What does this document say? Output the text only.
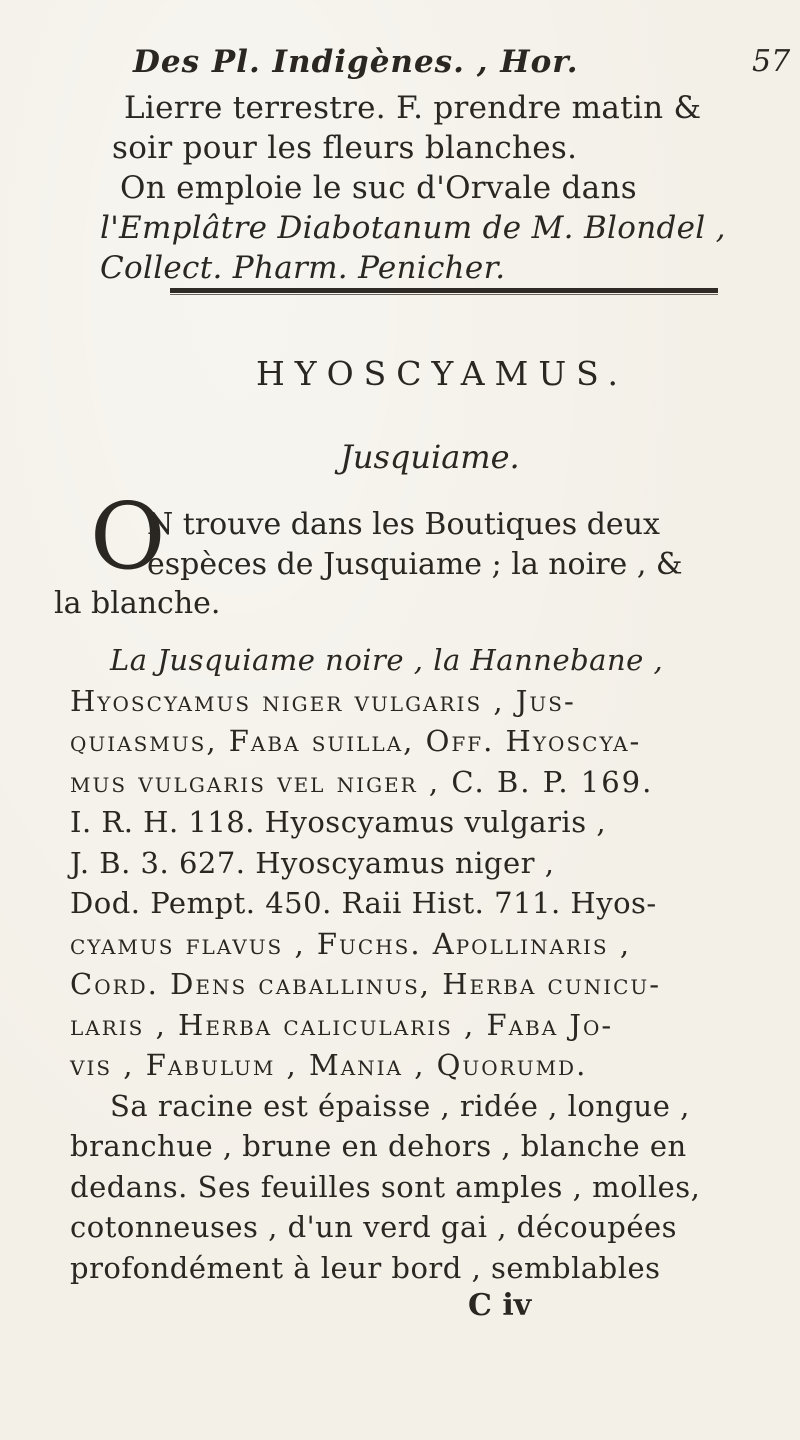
Des Pl. Indigènes. , Hor.	57
Lierre terrestre. F. prendre matin &
soir pour les fleurs blanches.
On emploie le suc d'Orvale dans
l'Emplâtre Diabotanum de M. Blondel ,
Collect. Pharm. Penicher.
HYOSCYAMUS.
Jusquiame.
O
N trouve dans les Boutiques deux
espèces de Jusquiame ; la noire , &
la blanche.
La Jusquiame noire , la Hannebane ,
Hyoscyamus niger vulgaris , Jus-
quiasmus, Faba suilla, Off. Hyoscya-
mus vulgaris vel niger , C. B. P. 169.
I. R. H. 118. Hyoscyamus vulgaris ,
J. B. 3. 627. Hyoscyamus niger ,
Dod. Pempt. 450. Raii Hist. 711. Hyos-
cyamus flavus , Fuchs. Apollinaris ,
Cord. Dens caballinus, Herba cunicu-
laris , Herba calicularis , Faba Jo-
vis , Fabulum , Mania , Quorumd.
Sa racine est épaisse , ridée , longue ,
branchue , brune en dehors , blanche en
dedans. Ses feuilles sont amples , molles,
cotonneuses , d'un verd gai , découpées
profondément à leur bord , semblables
C iv
